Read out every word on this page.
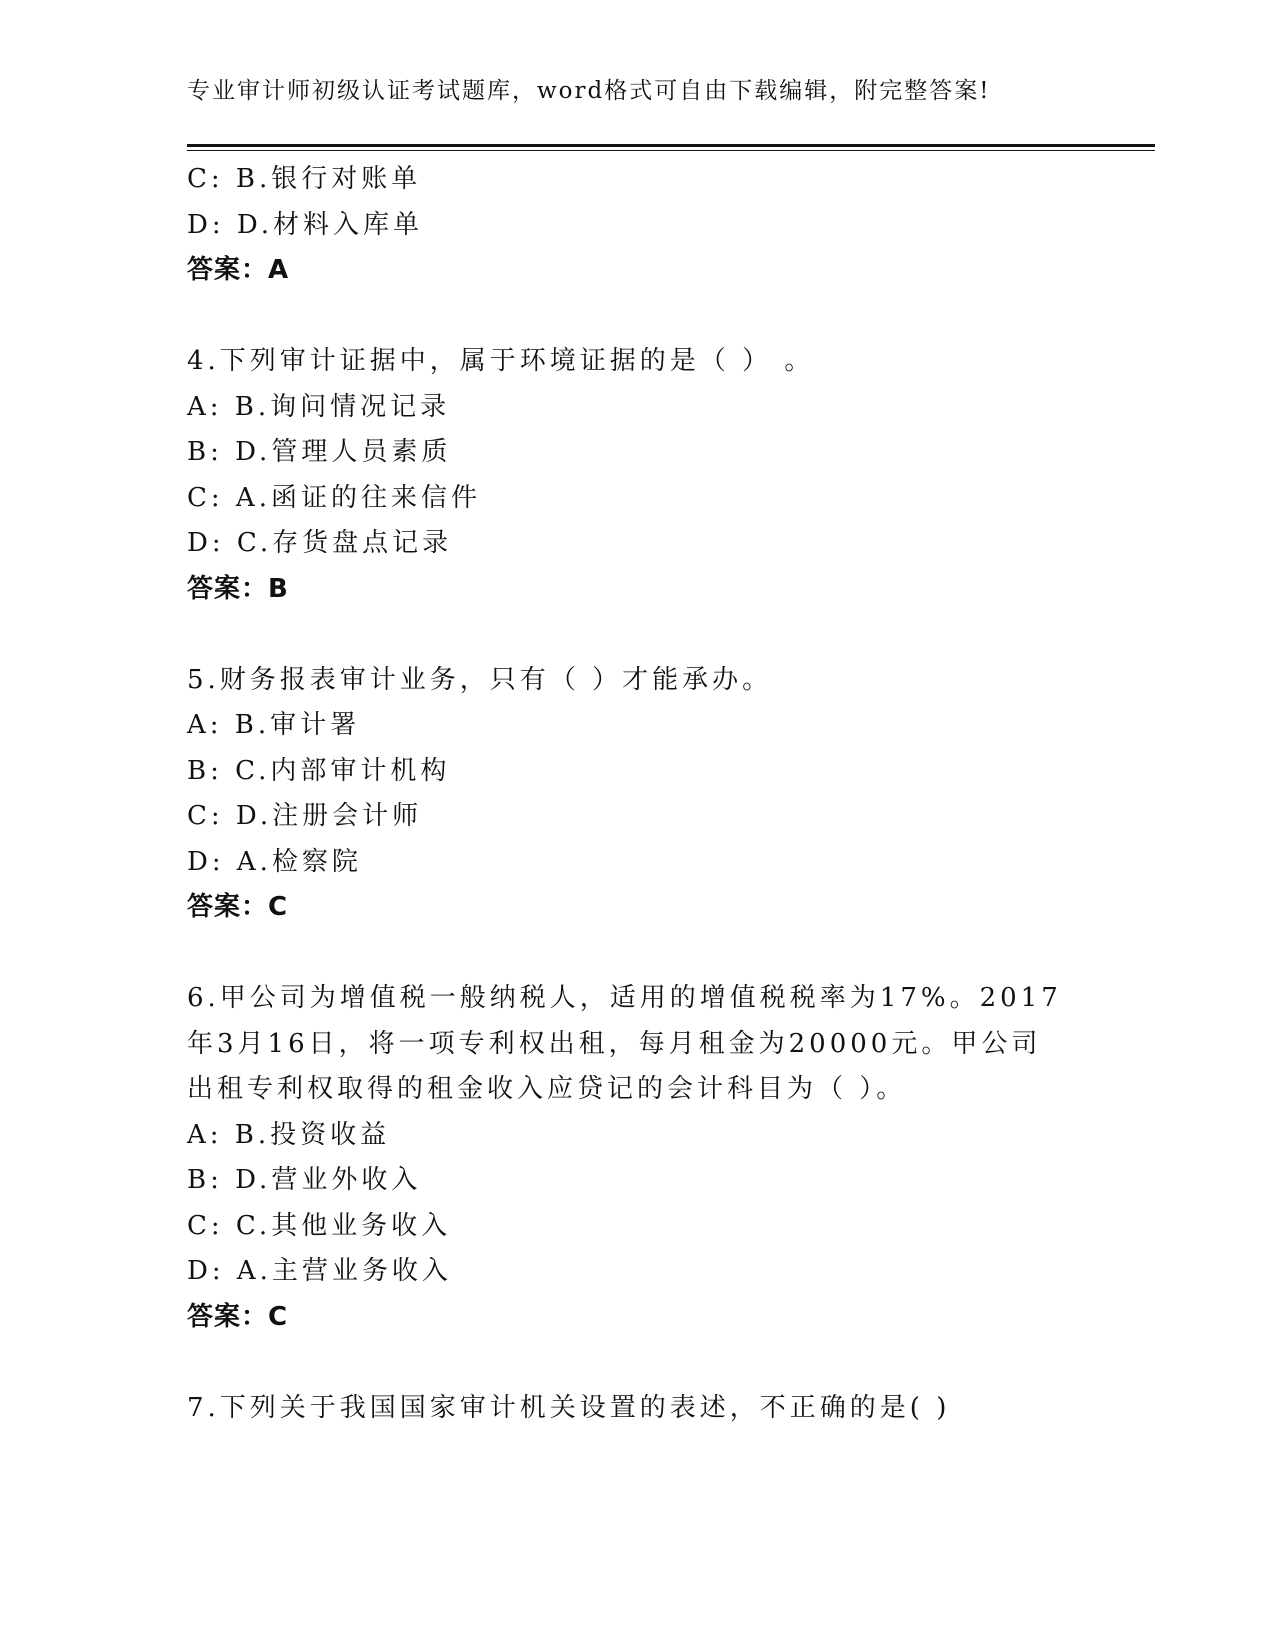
专业审计师初级认证考试题库，word格式可自由下载编辑，附完整答案!
C: B.银行对账单
D: D.材料入库单
答案：A
4.下列审计证据中，属于环境证据的是（ ） 。
A: B.询问情况记录
B: D.管理人员素质
C: A.函证的往来信件
D: C.存货盘点记录
答案：B
5.财务报表审计业务，只有（ ）才能承办。
A: B.审计署
B: C.内部审计机构
C: D.注册会计师
D: A.检察院
答案：C
6.甲公司为增值税一般纳税人，适用的增值税税率为17%。2017年3月16日，将一项专利权出租，每月租金为20000元。甲公司出租专利权取得的租金收入应贷记的会计科目为（ ）。
A: B.投资收益
B: D.营业外收入
C: C.其他业务收入
D: A.主营业务收入
答案：C
7.下列关于我国国家审计机关设置的表述，不正确的是( )
